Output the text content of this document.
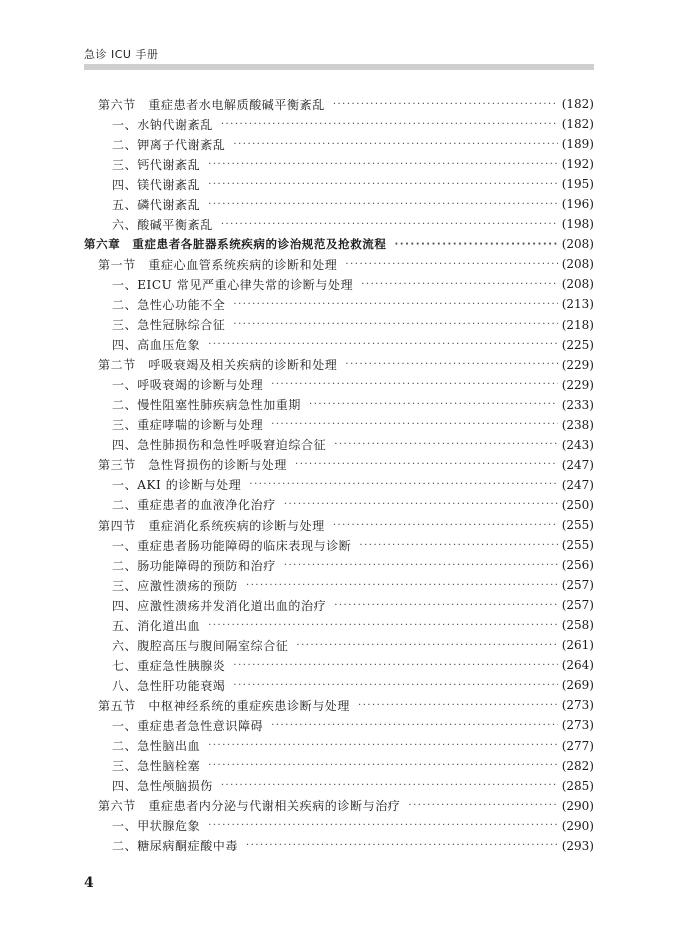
急诊 ICU 手册
第六节　重症患者水电解质酸碱平衡紊乱 ·····	(182)
一、水钠代谢紊乱 ·····	(182)
二、钾离子代谢紊乱 ·····	(189)
三、钙代谢紊乱 ·····	(192)
四、镁代谢紊乱 ·····	(195)
五、磷代谢紊乱 ·····	(196)
六、酸碱平衡紊乱 ·····	(198)
第六章　重症患者各脏器系统疾病的诊治规范及抢救流程 ·····	(208)
第一节　重症心血管系统疾病的诊断和处理 ·····	(208)
一、EICU 常见严重心律失常的诊断与处理 ·····	(208)
二、急性心功能不全 ·····	(213)
三、急性冠脉综合征 ·····	(218)
四、高血压危象 ·····	(225)
第二节　呼吸衰竭及相关疾病的诊断和处理 ·····	(229)
一、呼吸衰竭的诊断与处理 ·····	(229)
二、慢性阻塞性肺疾病急性加重期 ·····	(233)
三、重症哮喘的诊断与处理 ·····	(238)
四、急性肺损伤和急性呼吸窘迫综合征 ·····	(243)
第三节　急性肾损伤的诊断与处理 ·····	(247)
一、AKI 的诊断与处理 ·····	(247)
二、重症患者的血液净化治疗 ·····	(250)
第四节　重症消化系统疾病的诊断与处理 ·····	(255)
一、重症患者肠功能障碍的临床表现与诊断 ·····	(255)
二、肠功能障碍的预防和治疗 ·····	(256)
三、应激性溃疡的预防 ·····	(257)
四、应激性溃疡并发消化道出血的治疗 ·····	(257)
五、消化道出血 ·····	(258)
六、腹腔高压与腹间隔室综合征 ·····	(261)
七、重症急性胰腺炎 ·····	(264)
八、急性肝功能衰竭 ·····	(269)
第五节　中枢神经系统的重症疾患诊断与处理 ·····	(273)
一、重症患者急性意识障碍 ·····	(273)
二、急性脑出血 ·····	(277)
三、急性脑栓塞 ·····	(282)
四、急性颅脑损伤 ·····	(285)
第六节　重症患者内分泌与代谢相关疾病的诊断与治疗 ·····	(290)
一、甲状腺危象 ·····	(290)
二、糖尿病酮症酸中毒 ·····	(293)
4
